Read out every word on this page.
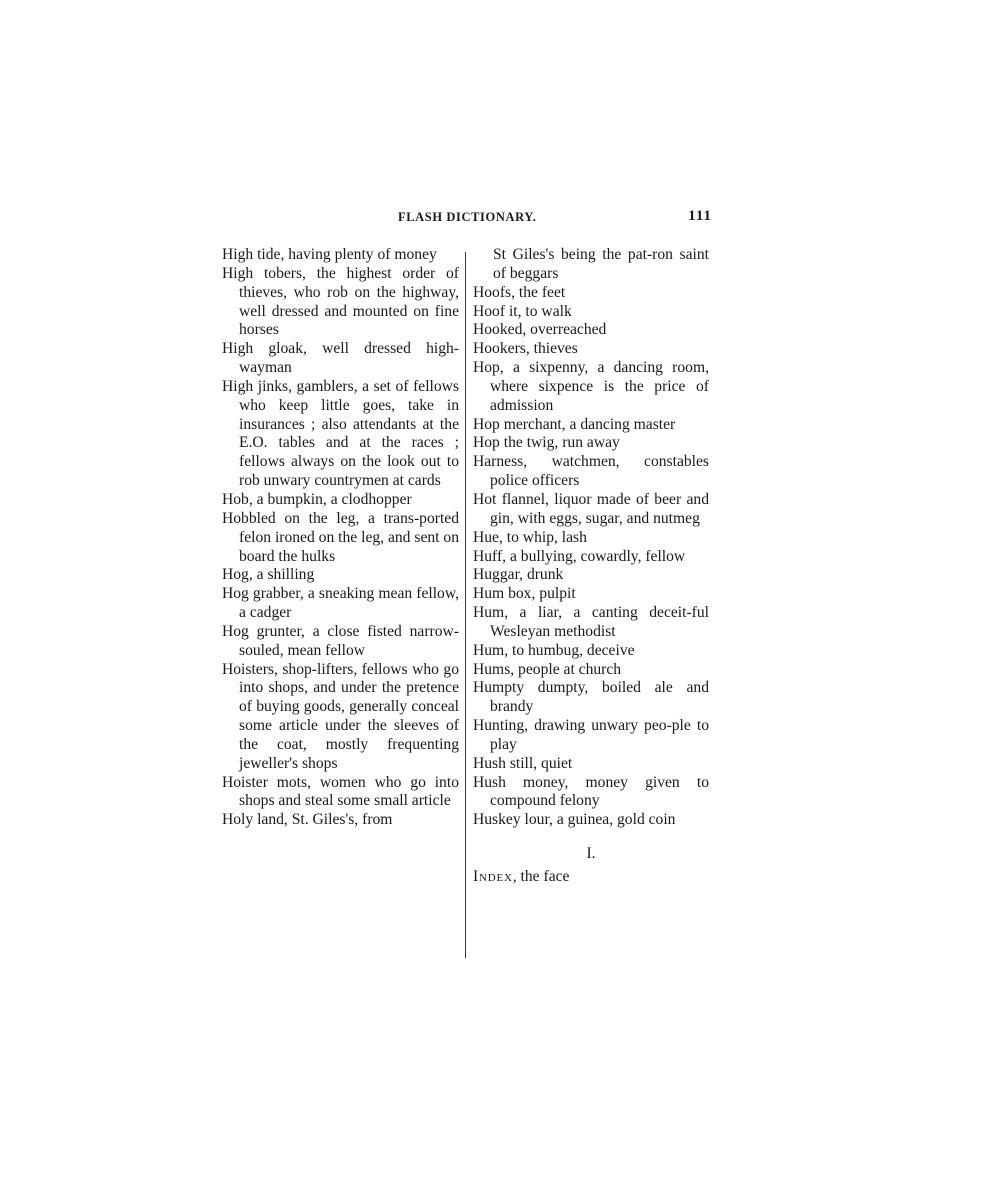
FLASH DICTIONARY.	111

High tide, having plenty of money

High tobers, the highest order of thieves, who rob on the highway, well dressed and mounted on fine horses

High gloak, well dressed high-wayman

High jinks, gamblers, a set of fellows who keep little goes, take in insurances ; also attendants at the E.O. tables and at the races ; fellows always on the look out to rob unwary countrymen at cards

Hob, a bumpkin, a clodhopper

Hobbled on the leg, a trans-ported felon ironed on the leg, and sent on board the hulks

Hog, a shilling

Hog grabber, a sneaking mean fellow, a cadger

Hog grunter, a close fisted narrow-souled, mean fellow

Hoisters, shop-lifters, fellows who go into shops, and under the pretence of buying goods, generally conceal some article under the sleeves of the coat, mostly frequenting jeweller's shops

Hoister mots, women who go into shops and steal some small article

Holy land, St. Giles's, from

St Giles's being the pat-ron saint of beggars

Hoofs, the feet

Hoof it, to walk

Hooked, overreached

Hookers, thieves

Hop, a sixpenny, a dancing room, where sixpence is the price of admission

Hop merchant, a dancing master

Hop the twig, run away

Harness, watchmen, constables police officers

Hot flannel, liquor made of beer and gin, with eggs, sugar, and nutmeg

Hue, to whip, lash

Huff, a bullying, cowardly, fellow

Huggar, drunk

Hum box, pulpit

Hum, a liar, a canting deceit-ful Wesleyan methodist

Hum, to humbug, deceive

Hums, people at church

Humpty dumpty, boiled ale and brandy

Hunting, drawing unwary peo-ple to play

Hush still, quiet

Hush money, money given to compound felony

Huskey lour, a guinea, gold coin

I.

Index, the face
